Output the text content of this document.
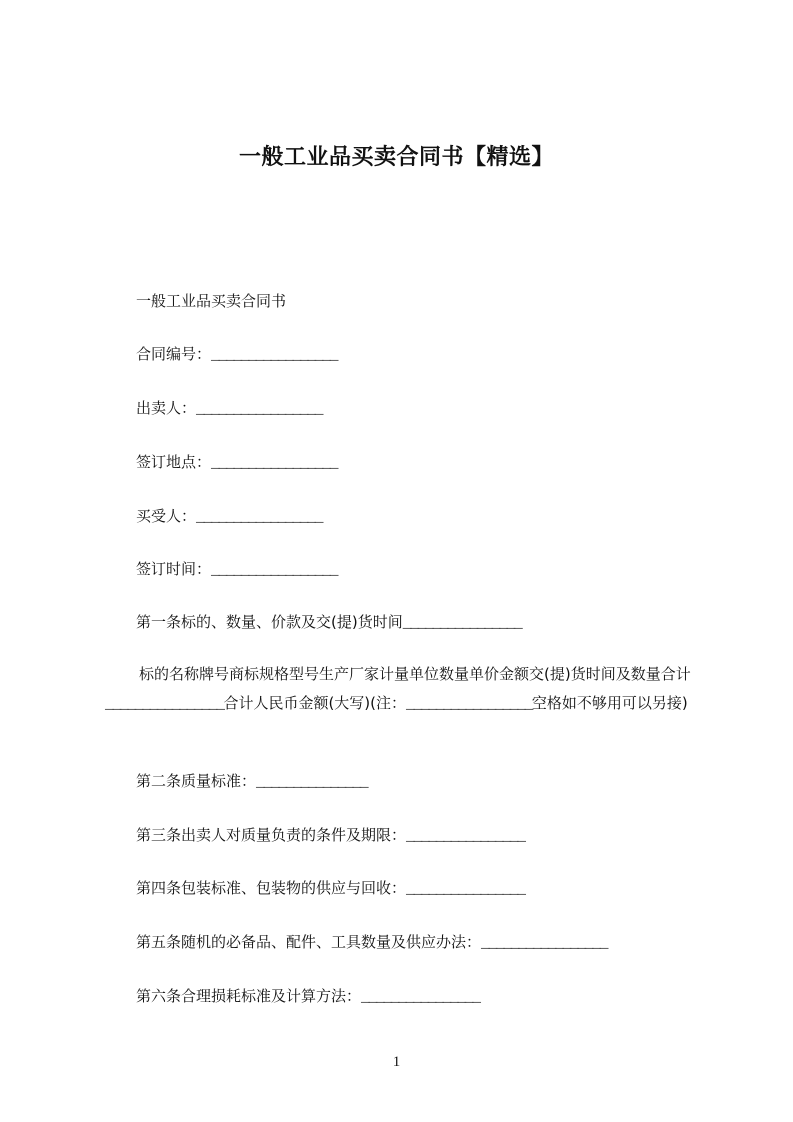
一般工业品买卖合同书【精选】
一般工业品买卖合同书
合同编号：_________________
出卖人：_________________
签订地点：_________________
买受人：_________________
签订时间：_________________
第一条标的、数量、价款及交(提)货时间________________
标的名称牌号商标规格型号生产厂家计量单位数量单价金额交(提)货时间及数量合计________________合计人民币金额(大写)(注：_________________空格如不够用可以另接)
第二条质量标准：_______________
第三条出卖人对质量负责的条件及期限：________________
第四条包装标准、包装物的供应与回收：________________
第五条随机的必备品、配件、工具数量及供应办法：_________________
第六条合理损耗标准及计算方法：________________
1
